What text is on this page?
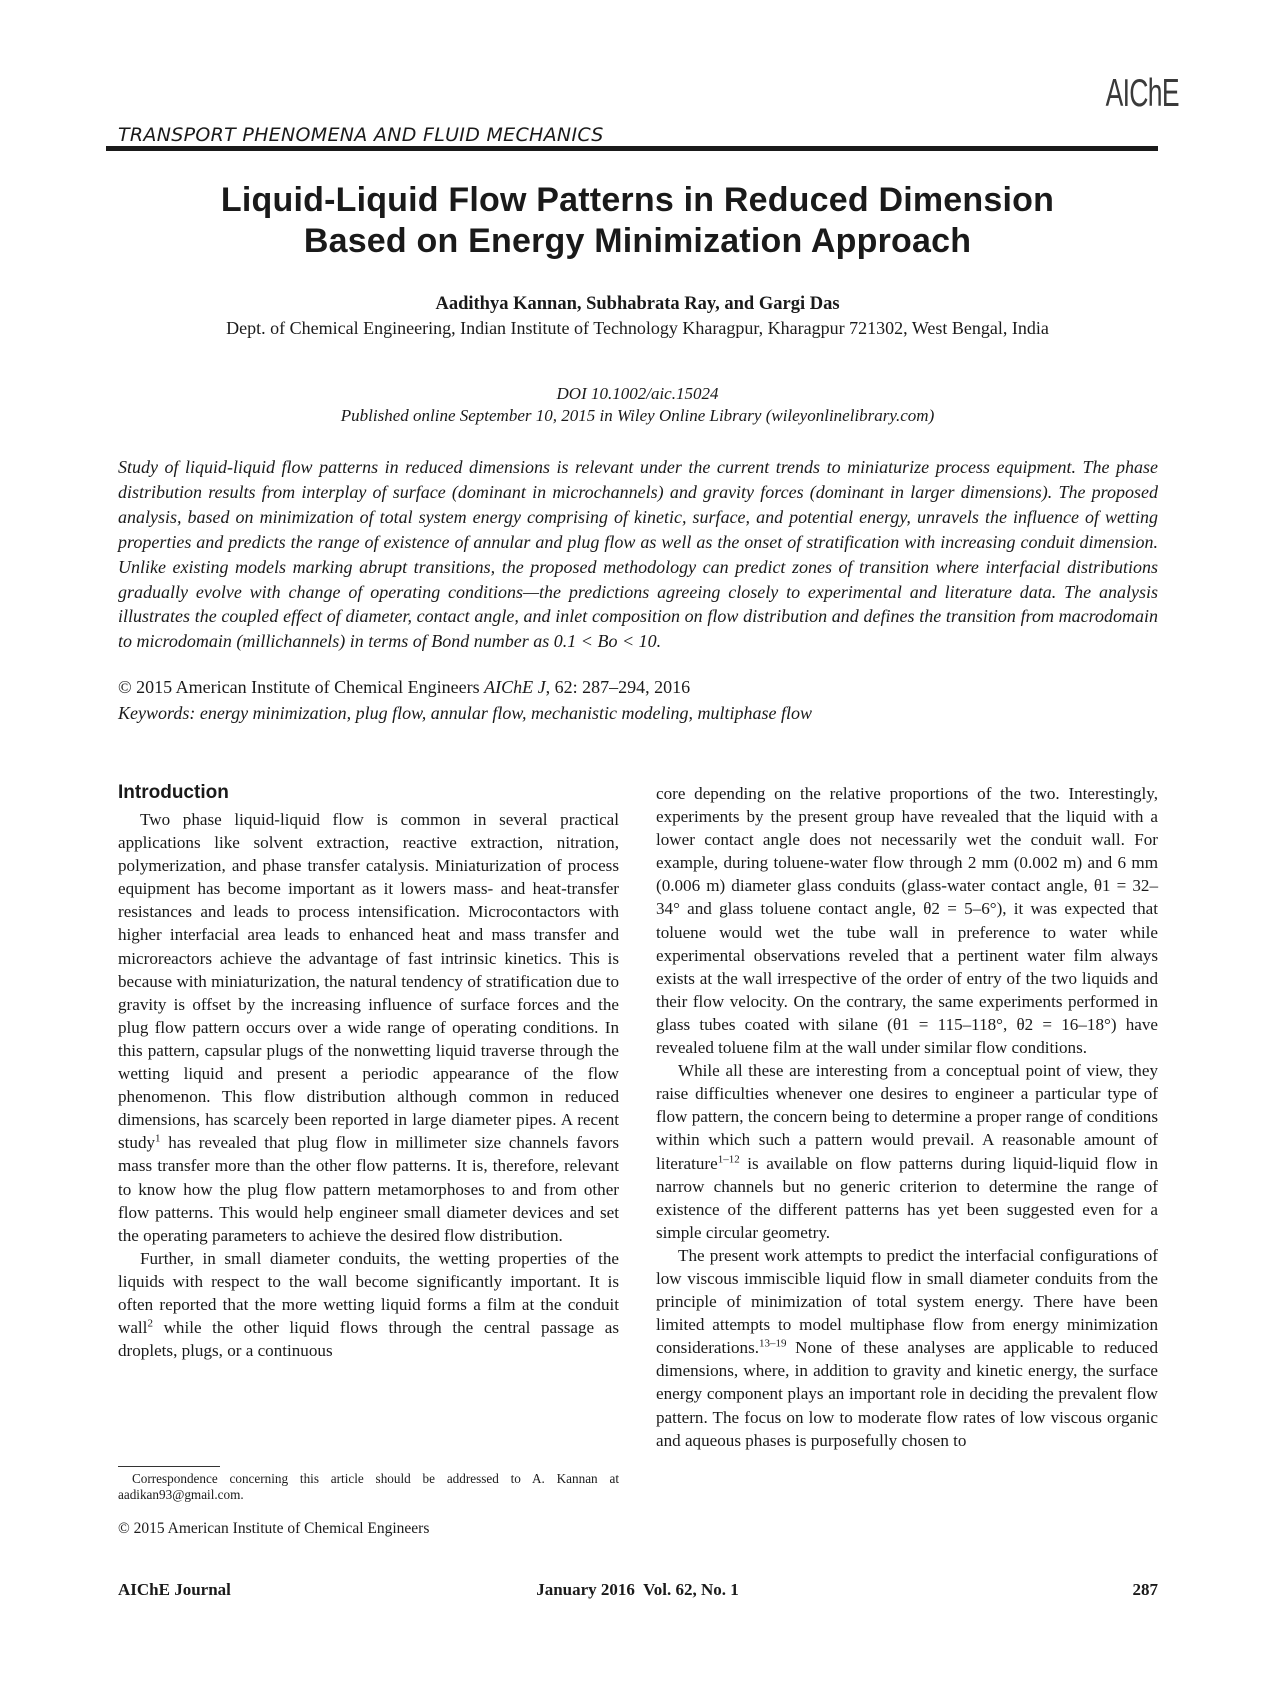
AIChE
TRANSPORT PHENOMENA AND FLUID MECHANICS
Liquid-Liquid Flow Patterns in Reduced Dimension
Based on Energy Minimization Approach
Aadithya Kannan, Subhabrata Ray, and Gargi Das
Dept. of Chemical Engineering, Indian Institute of Technology Kharagpur, Kharagpur 721302, West Bengal, India
DOI 10.1002/aic.15024
Published online September 10, 2015 in Wiley Online Library (wileyonlinelibrary.com)

Study of liquid-liquid flow patterns in reduced dimensions is relevant under the current trends to miniaturize process equipment. The phase distribution results from interplay of surface (dominant in microchannels) and gravity forces (dominant in larger dimensions). The proposed analysis, based on minimization of total system energy comprising of kinetic, surface, and potential energy, unravels the influence of wetting properties and predicts the range of existence of annular and plug flow as well as the onset of stratification with increasing conduit dimension. Unlike existing models marking abrupt transitions, the proposed methodology can predict zones of transition where interfacial distributions gradually evolve with change of operating conditions—the predictions agreeing closely to experimental and literature data. The analysis illustrates the coupled effect of diameter, contact angle, and inlet composition on flow distribution and defines the transition from macrodomain to microdomain (millichannels) in terms of Bond number as 0.1 < Bo < 10.

© 2015 American Institute of Chemical Engineers AIChE J, 62: 287–294, 2016
Keywords: energy minimization, plug flow, annular flow, mechanistic modeling, multiphase flow
Introduction

Two phase liquid-liquid flow is common in several practical applications like solvent extraction, reactive extraction, nitration, polymerization, and phase transfer catalysis. Miniaturization of process equipment has become important as it lowers mass- and heat-transfer resistances and leads to process intensification. Microcontactors with higher interfacial area leads to enhanced heat and mass transfer and microreactors achieve the advantage of fast intrinsic kinetics. This is because with miniaturization, the natural tendency of stratification due to gravity is offset by the increasing influence of surface forces and the plug flow pattern occurs over a wide range of operating conditions. In this pattern, capsular plugs of the nonwetting liquid traverse through the wetting liquid and present a periodic appearance of the flow phenomenon. This flow distribution although common in reduced dimensions, has scarcely been reported in large diameter pipes. A recent study$^1$ has revealed that plug flow in millimeter size channels favors mass transfer more than the other flow patterns. It is, therefore, relevant to know how the plug flow pattern metamorphoses to and from other flow patterns. This would help engineer small diameter devices and set the operating parameters to achieve the desired flow distribution.

Further, in small diameter conduits, the wetting properties of the liquids with respect to the wall become significantly important. It is often reported that the more wetting liquid forms a film at the conduit wall$^2$ while the other liquid flows through the central passage as droplets, plugs, or a continuous

core depending on the relative proportions of the two. Interestingly, experiments by the present group have revealed that the liquid with a lower contact angle does not necessarily wet the conduit wall. For example, during toluene-water flow through 2 mm (0.002 m) and 6 mm (0.006 m) diameter glass conduits (glass-water contact angle, θ1 = 32–34° and glass toluene contact angle, θ2 = 5–6°), it was expected that toluene would wet the tube wall in preference to water while experimental observations reveled that a pertinent water film always exists at the wall irrespective of the order of entry of the two liquids and their flow velocity. On the contrary, the same experiments performed in glass tubes coated with silane (θ1 = 115–118°, θ2 = 16–18°) have revealed toluene film at the wall under similar flow conditions.

While all these are interesting from a conceptual point of view, they raise difficulties whenever one desires to engineer a particular type of flow pattern, the concern being to determine a proper range of conditions within which such a pattern would prevail. A reasonable amount of literature$^{1-12}$ is available on flow patterns during liquid-liquid flow in narrow channels but no generic criterion to determine the range of existence of the different patterns has yet been suggested even for a simple circular geometry.

The present work attempts to predict the interfacial configurations of low viscous immiscible liquid flow in small diameter conduits from the principle of minimization of total system energy. There have been limited attempts to model multiphase flow from energy minimization considerations.$^{13-19}$ None of these analyses are applicable to reduced dimensions, where, in addition to gravity and kinetic energy, the surface energy component plays an important role in deciding the prevalent flow pattern. The focus on low to moderate flow rates of low viscous organic and aqueous phases is purposefully chosen to

Correspondence concerning this article should be addressed to A. Kannan at aadikan93@gmail.com.

© 2015 American Institute of Chemical Engineers
AIChE Journal	January 2016  Vol. 62, No. 1	287
